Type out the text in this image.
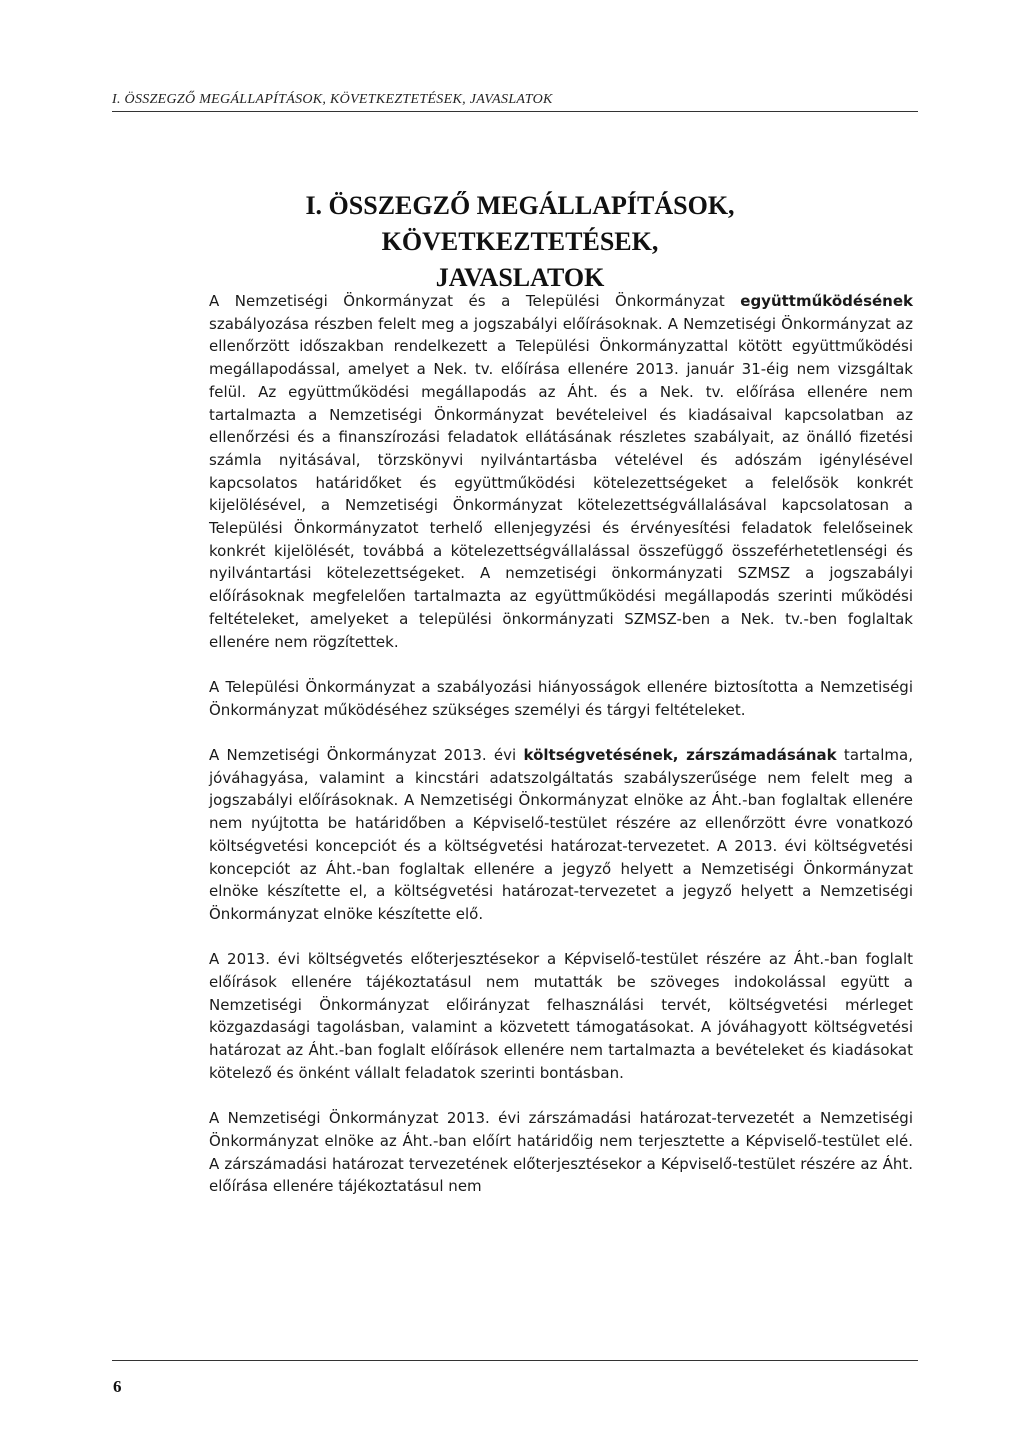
I. ÖSSZEGZŐ MEGÁLLAPÍTÁSOK, KÖVETKEZTETÉSEK, JAVASLATOK
I. ÖSSZEGZŐ MEGÁLLAPÍTÁSOK, KÖVETKEZTETÉSEK,
JAVASLATOK

A Nemzetiségi Önkormányzat és a Települési Önkormányzat együttműködésének szabályozása részben felelt meg a jogszabályi előírásoknak. A Nemzetiségi Önkormányzat az ellenőrzött időszakban rendelkezett a Települési Önkormányzattal kötött együttműködési megállapodással, amelyet a Nek. tv. előírása ellenére 2013. január 31-éig nem vizsgáltak felül. Az együttműködési megállapodás az Áht. és a Nek. tv. előírása ellenére nem tartalmazta a Nemzetiségi Önkormányzat bevételeivel és kiadásaival kapcsolatban az ellenőrzési és a finanszírozási feladatok ellátásának részletes szabályait, az önálló fizetési számla nyitásával, törzskönyvi nyilvántartásba vételével és adószám igénylésével kapcsolatos határidőket és együttműködési kötelezettségeket a felelősök konkrét kijelölésével, a Nemzetiségi Önkormányzat kötelezettségvállalásával kapcsolatosan a Települési Önkormányzatot terhelő ellenjegyzési és érvényesítési feladatok felelőseinek konkrét kijelölését, továbbá a kötelezettségvállalással összefüggő összeférhetetlenségi és nyilvántartási kötelezettségeket. A nemzetiségi önkormányzati SZMSZ a jogszabályi előírásoknak megfelelően tartalmazta az együttműködési megállapodás szerinti működési feltételeket, amelyeket a települési önkormányzati SZMSZ-ben a Nek. tv.-ben foglaltak ellenére nem rögzítettek.

A Települési Önkormányzat a szabályozási hiányosságok ellenére biztosította a Nemzetiségi Önkormányzat működéséhez szükséges személyi és tárgyi feltételeket.

A Nemzetiségi Önkormányzat 2013. évi költségvetésének, zárszámadásának tartalma, jóváhagyása, valamint a kincstári adatszolgáltatás szabályszerűsége nem felelt meg a jogszabályi előírásoknak. A Nemzetiségi Önkormányzat elnöke az Áht.-ban foglaltak ellenére nem nyújtotta be határidőben a Képviselő-testület részére az ellenőrzött évre vonatkozó költségvetési koncepciót és a költségvetési határozat-tervezetet. A 2013. évi költségvetési koncepciót az Áht.-ban foglaltak ellenére a jegyző helyett a Nemzetiségi Önkormányzat elnöke készítette el, a költségvetési határozat-tervezetet a jegyző helyett a Nemzetiségi Önkormányzat elnöke készítette elő.

A 2013. évi költségvetés előterjesztésekor a Képviselő-testület részére az Áht.-ban foglalt előírások ellenére tájékoztatásul nem mutatták be szöveges indokolással együtt a Nemzetiségi Önkormányzat előirányzat felhasználási tervét, költségvetési mérleget közgazdasági tagolásban, valamint a közvetett támogatásokat. A jóváhagyott költségvetési határozat az Áht.-ban foglalt előírások ellenére nem tartalmazta a bevételeket és kiadásokat kötelező és önként vállalt feladatok szerinti bontásban.

A Nemzetiségi Önkormányzat 2013. évi zárszámadási határozat-tervezetét a Nemzetiségi Önkormányzat elnöke az Áht.-ban előírt határidőig nem terjesztette a Képviselő-testület elé. A zárszámadási határozat tervezetének előterjesztésekor a Képviselő-testület részére az Áht. előírása ellenére tájékoztatásul nem

6
